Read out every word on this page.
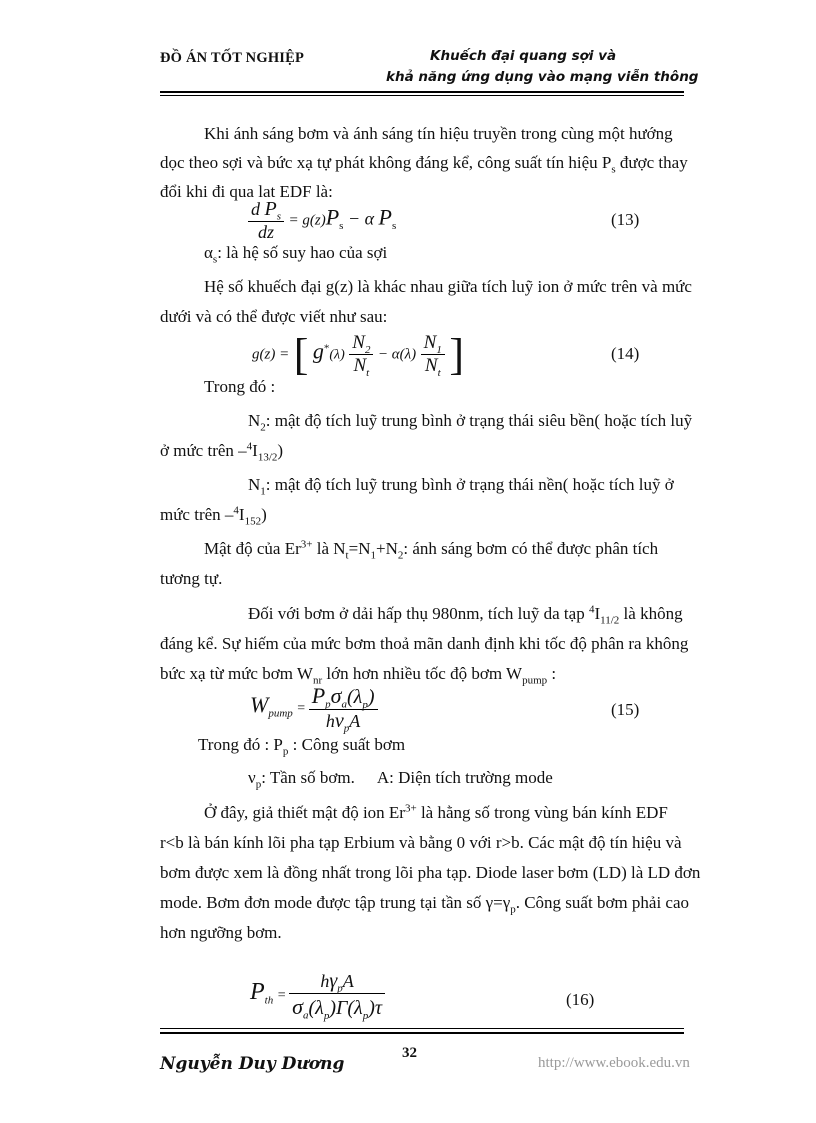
ĐỒ ÁN TỐT NGHIỆP	Khuếch đại quang sợi và
khả năng ứng dụng vào mạng viễn thông
Khi ánh sáng bơm và ánh sáng tín hiệu truyền trong cùng một hướng
dọc theo sợi và bức xạ tự phát không đáng kể, công suất tín hiệu $P_s$ được thay
đổi khi đi qua lat EDF là:
$\frac{d P_s}{dz} = g(z)P_s - \alpha$ $P_s$	(13)
$\alpha_s$: là hệ số suy hao của sợi
Hệ số khuếch đại g(z) là khác nhau giữa tích luỹ ion ở mức trên và mức
dưới và có thể được viết như sau:
g(z) = [ $g^*(\lambda) \frac{N_2}{N_t} - \alpha(\lambda) \frac{N_1}{N_t}$ ]	(14)
Trong đó :
$N_2$: mật độ tích luỹ trung bình ở trạng thái siêu bền( hoặc tích luỹ
ở mức trên $-^4I_{13/2}$)
$N_1$: mật độ tích luỹ trung bình ở trạng thái nền( hoặc tích luỹ ở
mức trên $-^4I_{152}$)
Mật độ của $Er^{3+}$ là $N_t=N_1+N_2$: ánh sáng bơm có thể được phân tích
tương tự.
Đối với bơm ở dải hấp thụ 980nm, tích luỹ da tạp $^4I_{11/2}$ là không
đáng kể. Sự hiếm của mức bơm thoả mãn danh định khi tốc độ phân ra không
bức xạ từ mức bơm $W_{nr}$ lớn hơn nhiều tốc độ bơm $W_{pump}$ :
$W_{pump} = \frac{P_p\sigma_a(\lambda_p)}{h\nu_pA}$	(15)
Trong đó : $P_p$ : Công suất bơm
$\nu_p$: Tần số bơm. A: Diện tích trường mode
Ở đây, giả thiết mật độ ion $Er^{3+}$ là hằng số trong vùng bán kính EDF
r<b là bán kính lõi pha tạp Erbium và bằng 0 với r>b. Các mật độ tín hiệu và
bơm được xem là đồng nhất trong lõi pha tạp. Diode laser bơm (LD) là LD đơn
mode. Bơm đơn mode được tập trung tại tần số $\gamma=\gamma_p$. Công suất bơm phải cao
hơn ngưỡng bơm.
$P_{th} = \frac{h\gamma_pA}{\sigma_a(\lambda_p)\Gamma(\lambda_p)\tau}$	(16)
Nguyễn Duy Dương
32
http://www.ebook.edu.vn
